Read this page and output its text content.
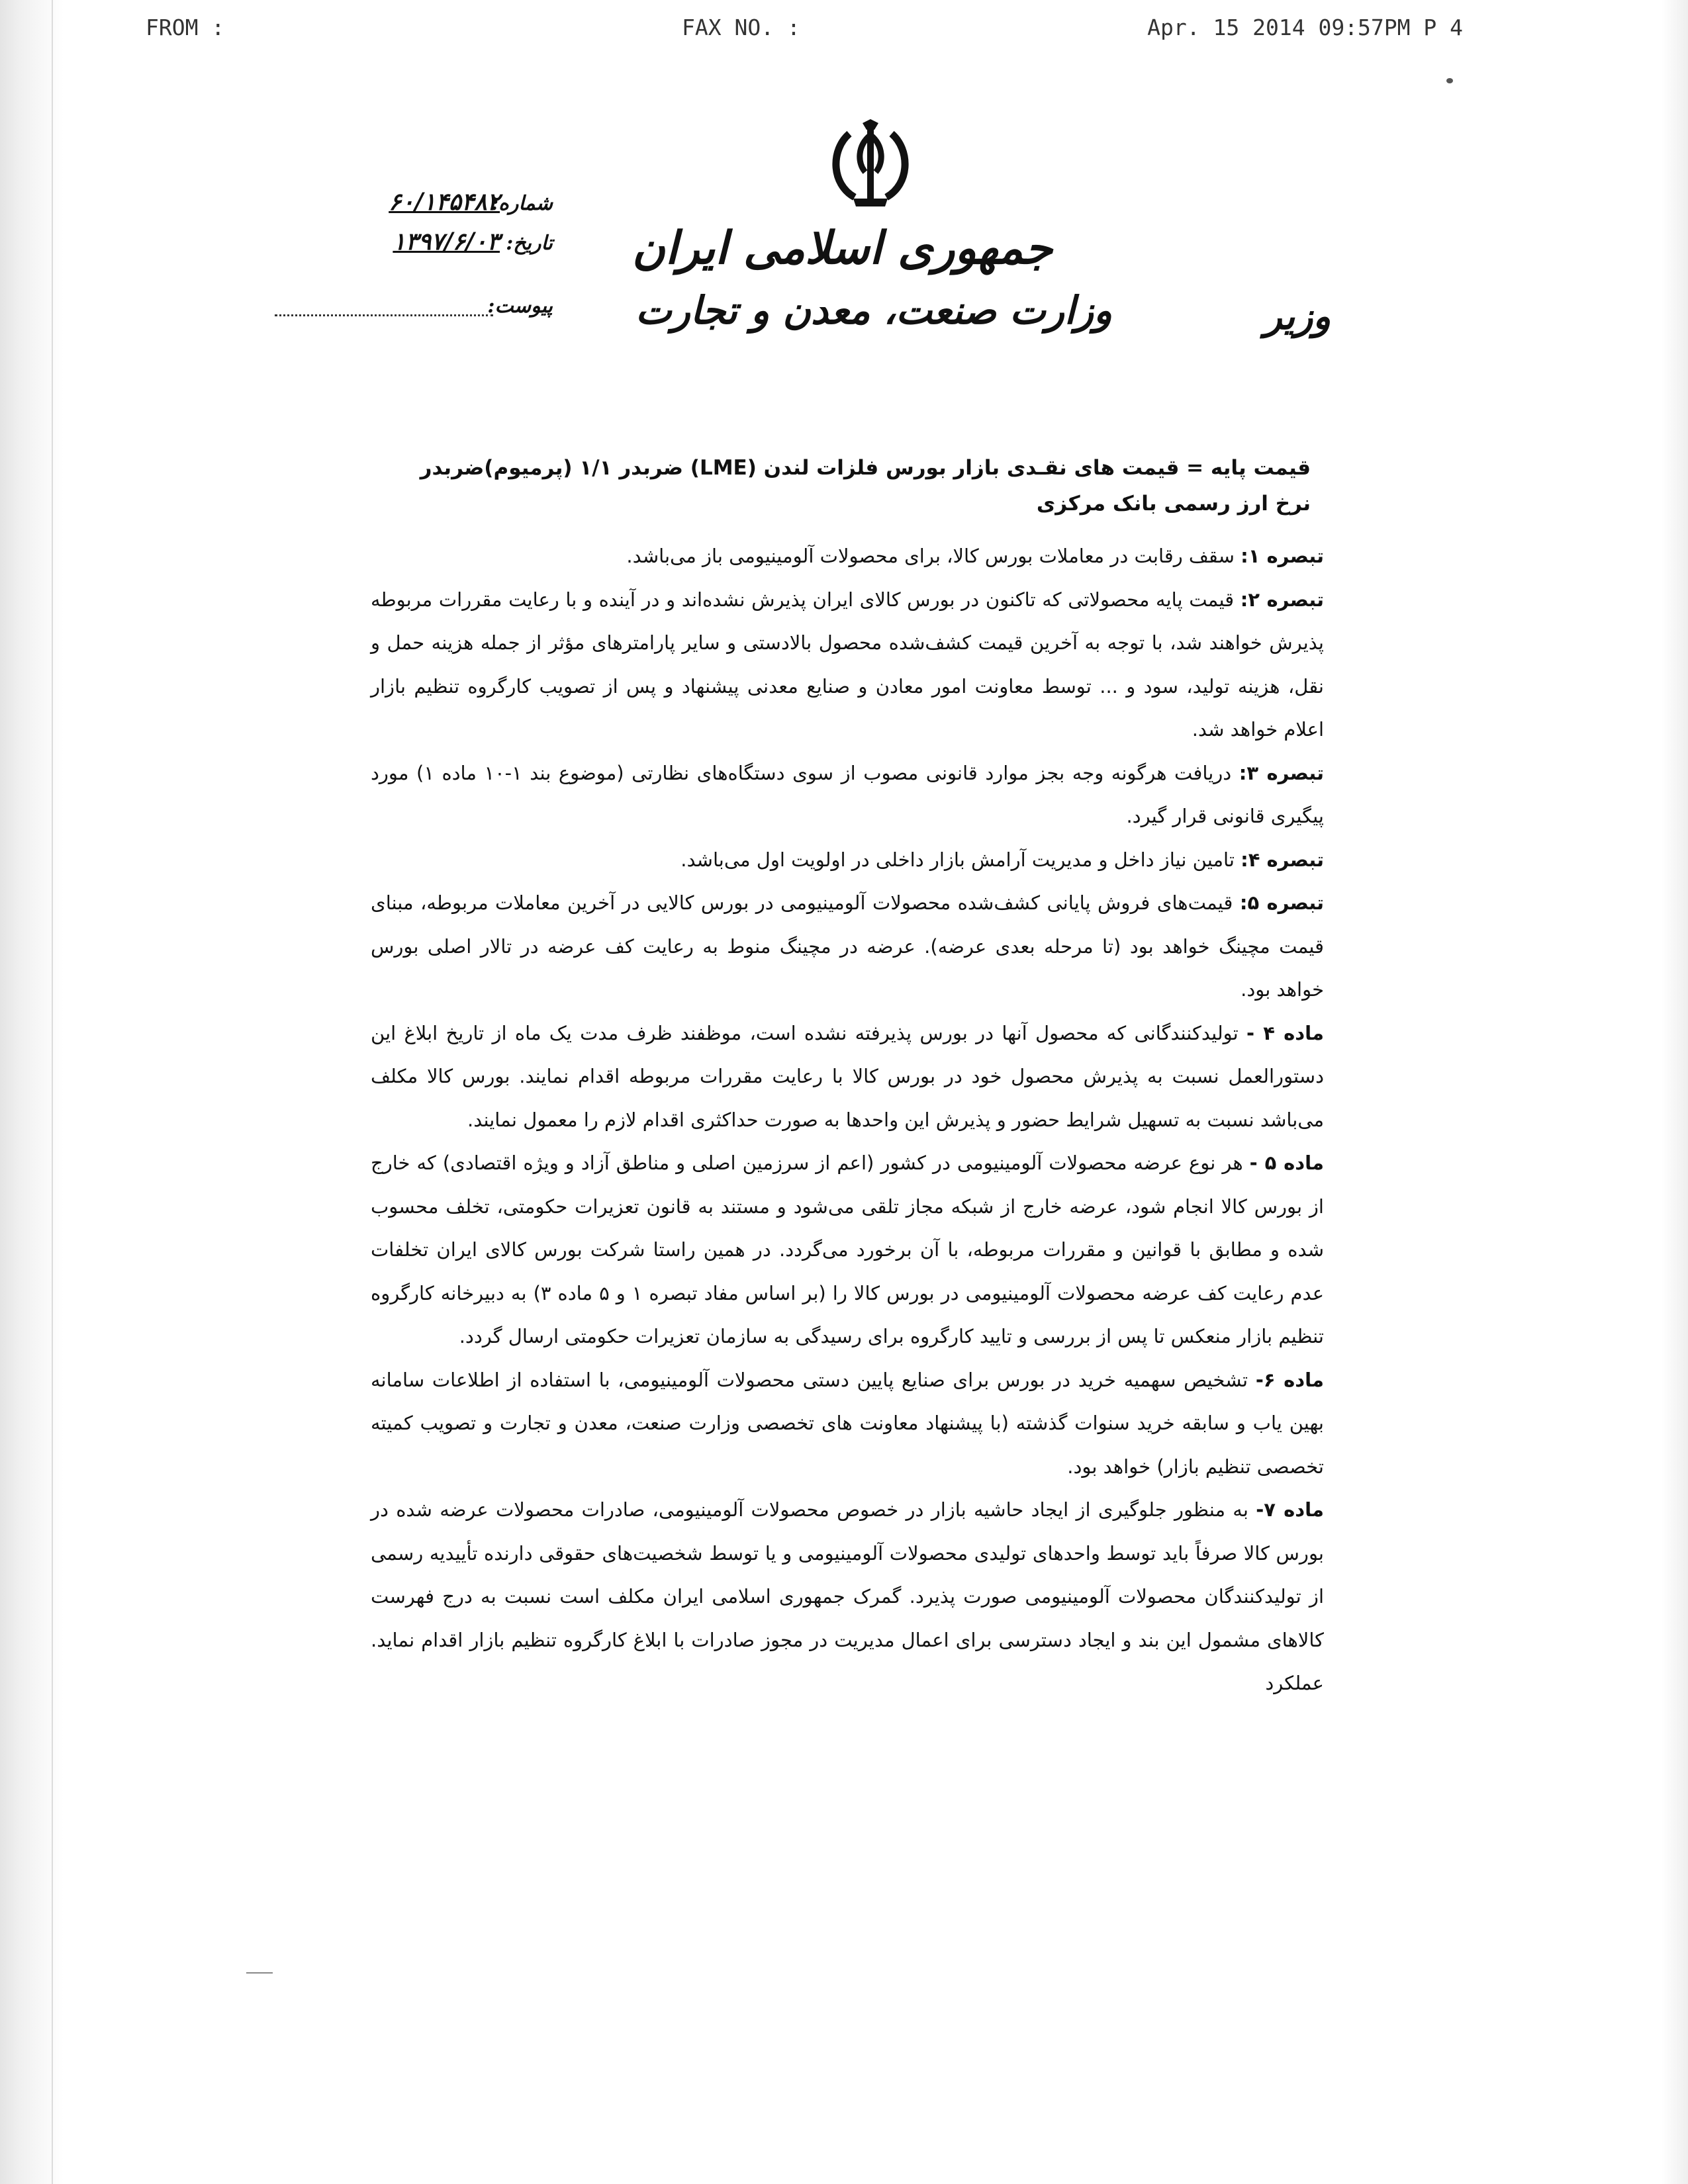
FROM :	FAX NO. :	Apr. 15 2014 09:57PM P 4
جمهوری اسلامی ایران
وزارت صنعت، معدن و تجارت	وزیر
شماره:
۶۰/۱۴۵۴۸۲
تاریخ:
۱۳۹۷/۶/۰۳
پیوست:
قیمت پایه = قیمت های نقـدی بازار بورس فلزات لندن (LME) ضربدر ۱/۱ (پرمیوم)ضربدر نرخ ارز رسمی بانک مرکزی

تبصره ۱: سقف رقابت در معاملات بورس کالا، برای محصولات آلومینیومی باز می‌باشد.

تبصره ۲: قیمت پایه محصولاتی که تاکنون در بورس کالای ایران پذیرش نشده‌اند و در آینده و با رعایت مقررات مربوطه پذیرش خواهند شد، با توجه به آخرین قیمت کشف‌شده محصول بالادستی و سایر پارامترهای مؤثر از جمله هزینه حمل و نقل، هزینه تولید، سود و ... توسط معاونت امور معادن و صنایع معدنی پیشنهاد و پس از تصویب کارگروه تنظیم بازار اعلام خواهد شد.

تبصره ۳: دریافت هرگونه وجه بجز موارد قانونی مصوب از سوی دستگاه‌های نظارتی (موضوع بند ۱-۱۰ ماده ۱) مورد پیگیری قانونی قرار گیرد.

تبصره ۴: تامین نیاز داخل و مدیریت آرامش بازار داخلی در اولویت اول می‌باشد.

تبصره ۵: قیمت‌های فروش پایانی کشف‌شده محصولات آلومینیومی در بورس کالایی در آخرین معاملات مربوطه، مبنای قیمت مچینگ خواهد بود (تا مرحله بعدی عرضه). عرضه در مچینگ منوط به رعایت کف عرضه در تالار اصلی بورس خواهد بود.

ماده ۴ - تولیدکنندگانی که محصول آنها در بورس پذیرفته نشده است، موظفند ظرف مدت یک ماه از تاریخ ابلاغ این دستورالعمل نسبت به پذیرش محصول خود در بورس کالا با رعایت مقررات مربوطه اقدام نمایند. بورس کالا مکلف می‌باشد نسبت به تسهیل شرایط حضور و پذیرش این واحدها به صورت حداکثری اقدام لازم را معمول نمایند.

ماده ۵ - هر نوع عرضه محصولات آلومینیومی در کشور (اعم از سرزمین اصلی و مناطق آزاد و ویژه اقتصادی) که خارج از بورس کالا انجام شود، عرضه خارج از شبکه مجاز تلقی می‌شود و مستند به قانون تعزیرات حکومتی، تخلف محسوب شده و مطابق با قوانین و مقررات مربوطه، با آن برخورد می‌گردد. در همین راستا شرکت بورس کالای ایران تخلفات عدم رعایت کف عرضه محصولات آلومینیومی در بورس کالا را (بر اساس مفاد تبصره ۱ و ۵ ماده ۳) به دبیرخانه کارگروه تنظیم بازار منعکس تا پس از بررسی و تایید کارگروه برای رسیدگی به سازمان تعزیرات حکومتی ارسال گردد.

ماده ۶- تشخیص سهمیه خرید در بورس برای صنایع پایین دستی محصولات آلومینیومی، با استفاده از اطلاعات سامانه بهین یاب و سابقه خرید سنوات گذشته (با پیشنهاد معاونت های تخصصی وزارت صنعت، معدن و تجارت و تصویب کمیته تخصصی تنظیم بازار) خواهد بود.

ماده ۷- به منظور جلوگیری از ایجاد حاشیه بازار در خصوص محصولات آلومینیومی، صادرات محصولات عرضه شده در بورس کالا صرفاً باید توسط واحدهای تولیدی محصولات آلومینیومی و یا توسط شخصیت‌های حقوقی دارنده تأییدیه رسمی از تولیدکنندگان محصولات آلومینیومی صورت پذیرد. گمرک جمهوری اسلامی ایران مکلف است نسبت به درج فهرست کالاهای مشمول این بند و ایجاد دسترسی برای اعمال مدیریت در مجوز صادرات با ابلاغ کارگروه تنظیم بازار اقدام نماید. عملکرد
